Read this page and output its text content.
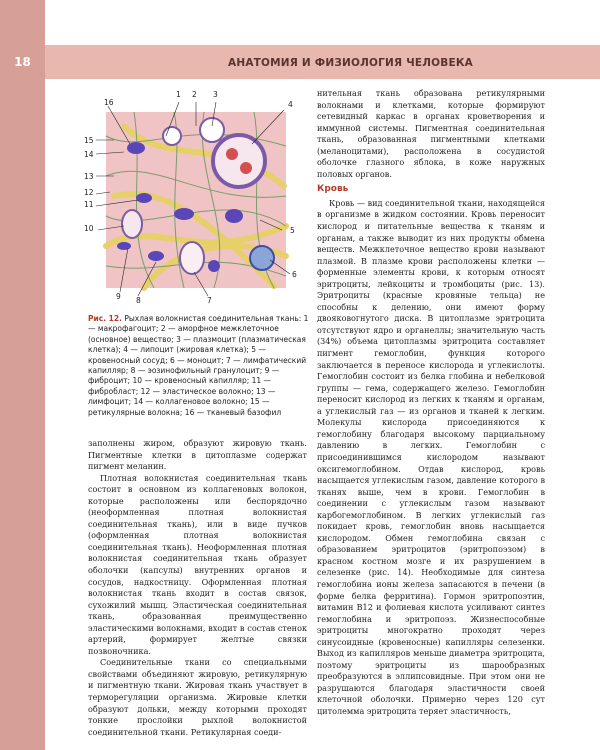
18	АНАТОМИЯ И ФИЗИОЛОГИЯ ЧЕЛОВЕКА
1 2 3
4
5
6
7
8
9
10
11
12
13
14
15
16
Рис. 12. Рыхлая волокнистая соединительная ткань: 1 — макрофагоцит; 2 — аморфное межклеточное (основное) вещество; 3 — плазмоцит (плазматическая клетка); 4 — липоцит (жировая клетка); 5 — кровеносный сосуд; 6 — моноцит; 7 — лимфатический капилляр; 8 — эозинофильный гранулоцит; 9 — фиброцит; 10 — кровеносный капилляр; 11 — фибробласт; 12 — эластическое волокно; 13 — лимфоцит; 14 — коллагеновое волокно; 15 — ретикулярные волокна; 16 — тканевый базофил

заполнены жиром, образуют жировую ткань. Пигментные клетки в цитоплазме содержат пигмент меланин.

Плотная волокнистая соединительная ткань состоит в основном из коллагеновых волокон, которые расположены или беспорядочно (неоформленная плотная волокнистая соединительная ткань), или в виде пучков (оформленная плотная волокнистая соединительная ткань). Неоформленная плотная волокнистая соединительная ткань образует оболочки (капсулы) внутренних органов и сосудов, надкостницу. Оформленная плотная волокнистая ткань входит в состав связок, сухожилий мышц. Эластическая соединительная ткань, образованная преимущественно эластическими волокнами, входит в состав стенок артерий, формирует желтые связки позвоночника.

Соединительные ткани со специальными свойствами объединяют жировую, ретикулярную и пигментную ткани. Жировая ткань участвует в терморегуляции организма. Жировые клетки образуют дольки, между которыми проходят тонкие прослойки рыхлой волокнистой соединительной ткани. Ретикулярная соеди-

нительная ткань образована ретикулярными волокнами и клетками, которые формируют сетевидный каркас в органах кроветворения и иммунной системы. Пигментная соединительная ткань, образованная пигментными клетками (меланоцитами), расположена в сосудистой оболочке глазного яблока, в коже наружных половых органов.

Кровь

Кровь — вид соединительной ткани, находящейся в организме в жидком состоянии. Кровь переносит кислород и питательные вещества к тканям и органам, а также выводит из них продукты обмена веществ. Межклеточное вещество крови называют плазмой. В плазме крови расположены клетки — форменные элементы крови, к которым относят эритроциты, лейкоциты и тромбоциты (рис. 13). Эритроциты (красные кровяные тельца) не способны к делению, они имеют форму двояковогнутого диска. В цитоплазме эритроцита отсутствуют ядро и органеллы; значительную часть (34%) объема цитоплазмы эритроцита составляет пигмент гемоглобин, функция которого заключается в переносе кислорода и углекислоты. Гемоглобин состоит из белка глобина и небелковой группы — гема, содержащего железо. Гемоглобин переносит кислород из легких к тканям и органам, а углекислый газ — из органов и тканей к легким. Молекулы кислорода присоединяются к гемоглобину благодаря высокому парциальному давлению в легких. Гемоглобин с присоединившимся кислородом называют оксигемоглобином. Отдав кислород, кровь насыщается углекислым газом, давление которого в тканях выше, чем в крови. Гемоглобин в соединении с углекислым газом называют карбогемоглобином. В легких углекислый газ покидает кровь, гемоглобин вновь насыщается кислородом. Обмен гемоглобина связан с образованием эритроцитов (эритропоэзом) в красном костном мозге и их разрушением в селезенке (рис. 14). Необходимые для синтеза гемоглобина ионы железа запасаются в печени (в форме белка ферритина). Гормон эритропоэтин, витамин B12 и фолиевая кислота усиливают синтез гемоглобина и эритропоэз. Жизнеспособные эритроциты многократно проходят через синусоидные (кровеносные) капилляры селезенки. Выход из капилляров меньше диаметра эритроцита, поэтому эритроциты из шарообразных преобразуются в эллипсовидные. При этом они не разрушаются благодаря эластичности своей клеточной оболочки. Примерно через 120 сут цитолемма эритроцита теряет эластичность,
